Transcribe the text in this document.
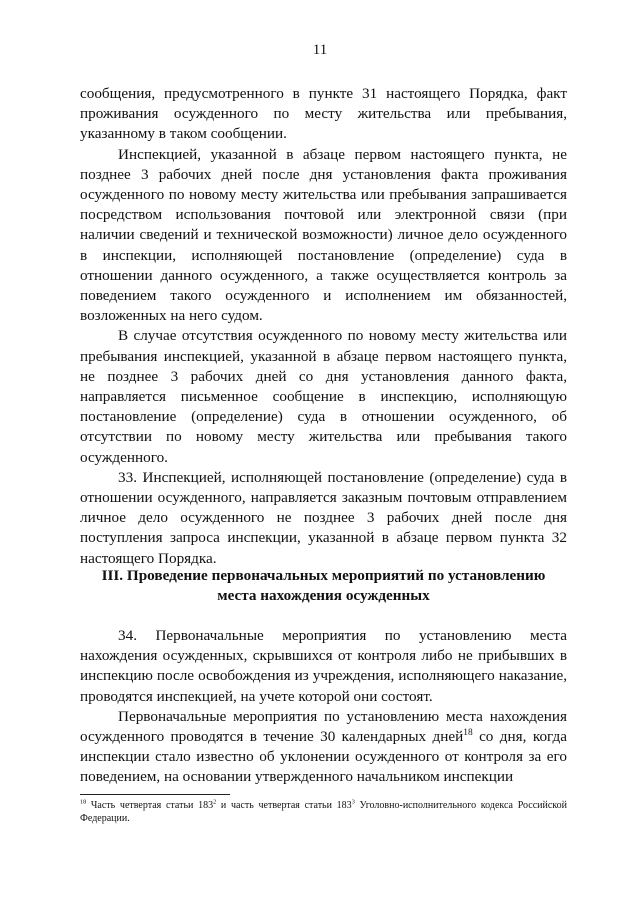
11

сообщения, предусмотренного в пункте 31 настоящего Порядка, факт проживания осужденного по месту жительства или пребывания, указанному в таком сообщении.

Инспекцией, указанной в абзаце первом настоящего пункта, не позднее 3 рабочих дней после дня установления факта проживания осужденного по новому месту жительства или пребывания запрашивается посредством использования почтовой или электронной связи (при наличии сведений и технической возможности) личное дело осужденного в инспекции, исполняющей постановление (определение) суда в отношении данного осужденного, а также осуществляется контроль за поведением такого осужденного и исполнением им обязанностей, возложенных на него судом.

В случае отсутствия осужденного по новому месту жительства или пребывания инспекцией, указанной в абзаце первом настоящего пункта, не позднее 3 рабочих дней со дня установления данного факта, направляется письменное сообщение в инспекцию, исполняющую постановление (определение) суда в отношении осужденного, об отсутствии по новому месту жительства или пребывания такого осужденного.

33. Инспекцией, исполняющей постановление (определение) суда в отношении осужденного, направляется заказным почтовым отправлением личное дело осужденного не позднее 3 рабочих дней после дня поступления запроса инспекции, указанной в абзаце первом пункта 32 настоящего Порядка.

III. Проведение первоначальных мероприятий по установлению
места нахождения осужденных

34. Первоначальные мероприятия по установлению места нахождения осужденных, скрывшихся от контроля либо не прибывших в инспекцию после освобождения из учреждения, исполняющего наказание, проводятся инспекцией, на учете которой они состоят.

Первоначальные мероприятия по установлению места нахождения осужденного проводятся в течение 30 календарных дней$^{18}$ со дня, когда инспекции стало известно об уклонении осужденного от контроля за его поведением, на основании утвержденного начальником инспекции

$^{18}$ Часть четвертая статьи $183^2$ и часть четвертая статьи $183^3$ Уголовно-исполнительного кодекса Российской Федерации.
